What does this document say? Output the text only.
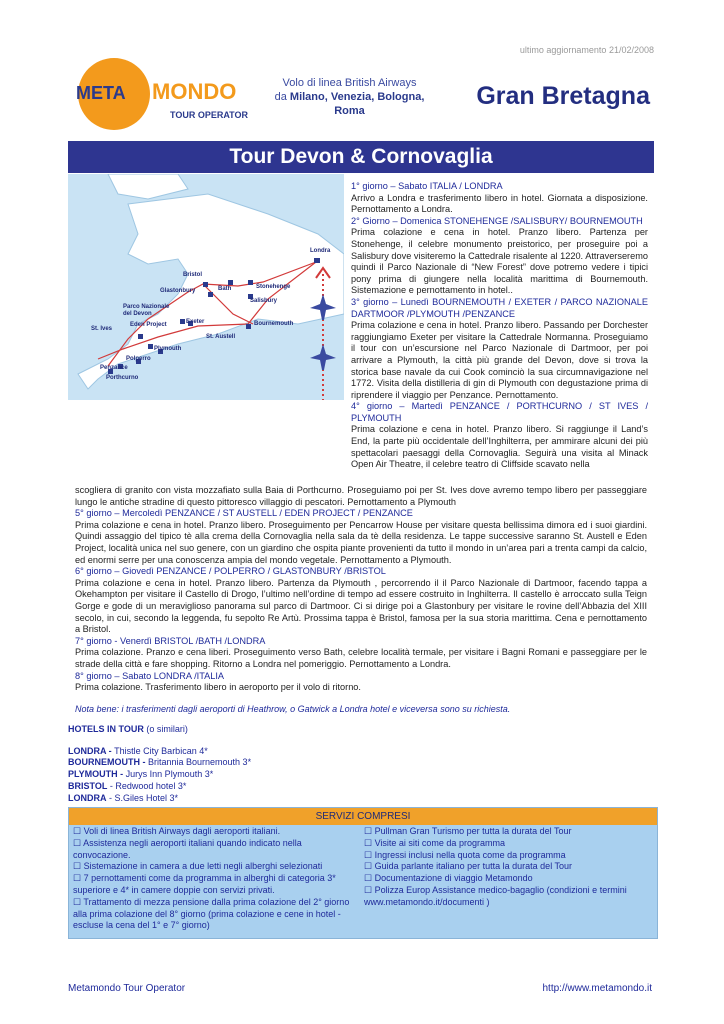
ultimo aggiornamento 21/02/2008
META MONDO
TOUR OPERATOR
Volo di linea British Airways
da Milano, Venezia, Bologna,
Roma
Gran Bretagna
Tour Devon & Cornovaglia
Londra
Bristol
Glastonbury	Bath	Stonehenge
Salisbury
Parco Nazionale del Devon
St. Ives
Eden Project	Exeter	Bournemouth
St. Austell
Plymouth
Polperro
Penzance
Porthcurno
1° giorno – Sabato ITALIA / LONDRA
Arrivo a Londra e trasferimento libero in hotel. Giornata a disposizione. Pernottamento a Londra.
2° Giorno – Domenica STONEHENGE /SALISBURY/ BOURNEMOUTH
Prima colazione e cena in hotel. Pranzo libero. Partenza per Stonehenge, il celebre monumento preistorico, per proseguire poi a Salisbury dove visiteremo la Cattedrale risalente al 1220. Attraverseremo quindi il Parco Nazionale di “New Forest” dove potremo vedere i tipici pony prima di giungere nella località marittima di Bournemouth. Sistemazione e pernottamento in hotel..
3° giorno – Lunedì BOURNEMOUTH / EXETER / PARCO NAZIONALE DARTMOOR /PLYMOUTH /PENZANCE
Prima colazione e cena in hotel. Pranzo libero. Passando per Dorchester raggiungiamo Exeter per visitare la Cattedrale Normanna. Proseguiamo il tour con un’escursione nel Parco Nazionale di Dartmoor, per poi arrivare a Plymouth, la città più grande del Devon, dove si trova la storica base navale da cui Cook cominciò la sua circumnavigazione nel 1772. Visita della distilleria di gin di Plymouth con degustazione prima di riprendere il viaggio per Penzance. Pernottamento.
4° giorno – Martedì PENZANCE / PORTHCURNO / ST IVES / PLYMOUTH
Prima colazione e cena in hotel. Pranzo libero. Si raggiunge il Land’s End, la parte più occidentale dell’Inghilterra, per ammirare alcuni dei più spettacolari paesaggi della Cornovaglia. Seguirà una visita al Minack Open Air Theatre, il celebre teatro di Cliffside scavato nella
scogliera di granito con vista mozzafiato sulla Baia di Porthcurno. Proseguiamo poi per St. Ives dove avremo tempo libero per passeggiare lungo le antiche stradine di questo pittoresco villaggio di pescatori. Pernottamento a Plymouth
5° giorno – Mercoledì PENZANCE / ST AUSTELL / EDEN PROJECT / PENZANCE
Prima colazione e cena in hotel. Pranzo libero. Proseguimento per Pencarrow House per visitare questa bellissima dimora ed i suoi giardini. Quindi assaggio del tipico tè alla crema della Cornovaglia nella sala da tè della residenza. Le tappe successive saranno St. Austell e Eden Project, località unica nel suo genere, con un giardino che ospita piante provenienti da tutto il mondo in un’area pari a trenta campi da calcio, ed enormi serre per una conoscenza ampia del mondo vegetale. Pernottamento a Plymouth.
6° giorno – Giovedì PENZANCE / POLPERRO / GLASTONBURY /BRISTOL
Prima colazione e cena in hotel. Pranzo libero. Partenza da Plymouth , percorrendo il il Parco Nazionale di Dartmoor, facendo tappa a Okehampton per visitare il Castello di Drogo, l’ultimo nell’ordine di tempo ad essere costruito in Inghilterra. Il castello è arroccato sulla Teign Gorge e gode di un meraviglioso panorama sul parco di Dartmoor. Ci si dirige poi a Glastonbury per visitare le rovine dell’Abbazia del XIII secolo, in cui, secondo la leggenda, fu sepolto Re Artù. Prossima tappa è Bristol, famosa per la sua storia marittima. Cena e pernottamento a Bristol.
7° giorno - Venerdì BRISTOL /BATH /LONDRA
Prima colazione. Pranzo e cena liberi. Proseguimento verso Bath, celebre località termale, per visitare i Bagni Romani e passeggiare per le strade della città e fare shopping. Ritorno a Londra nel pomeriggio. Pernottamento a Londra.
8° giorno – Sabato LONDRA /ITALIA
Prima colazione. Trasferimento libero in aeroporto per il volo di ritorno.
Nota bene: i trasferimenti dagli aeroporti di Heathrow, o Gatwick a Londra hotel e viceversa sono su richiesta.
HOTELS IN TOUR (o similari)
LONDRA - Thistle City Barbican 4*
BOURNEMOUTH - Britannia Bournemouth 3*
PLYMOUTH - Jurys Inn Plymouth 3*
BRISTOL - Redwood hotel 3*
LONDRA - S.Giles Hotel 3*
SERVIZI COMPRESI
☐ Voli di linea British Airways dagli aeroporti italiani.
☐ Assistenza negli aeroporti italiani quando indicato nella convocazione.
☐ Sistemazione in camera a due letti negli alberghi selezionati
☐ 7 pernottamenti come da programma in alberghi di categoria 3* superiore e 4* in camere doppie con servizi privati.
☐ Trattamento di mezza pensione dalla prima colazione del 2° giorno alla prima colazione del 8° giorno (prima colazione e cene in hotel -escluse la cena del 1° e 7° giorno)
☐ Pullman Gran Turismo per tutta la durata del Tour
☐ Visite ai siti come da programma
☐ Ingressi inclusi nella quota come da programma
☐ Guida parlante italiano per tutta la durata del Tour
☐ Documentazione di viaggio Metamondo
☐ Polizza Europ Assistance medico-bagaglio (condizioni e termini www.metamondo.it/documenti )
Metamondo Tour Operator	http://www.metamondo.it
